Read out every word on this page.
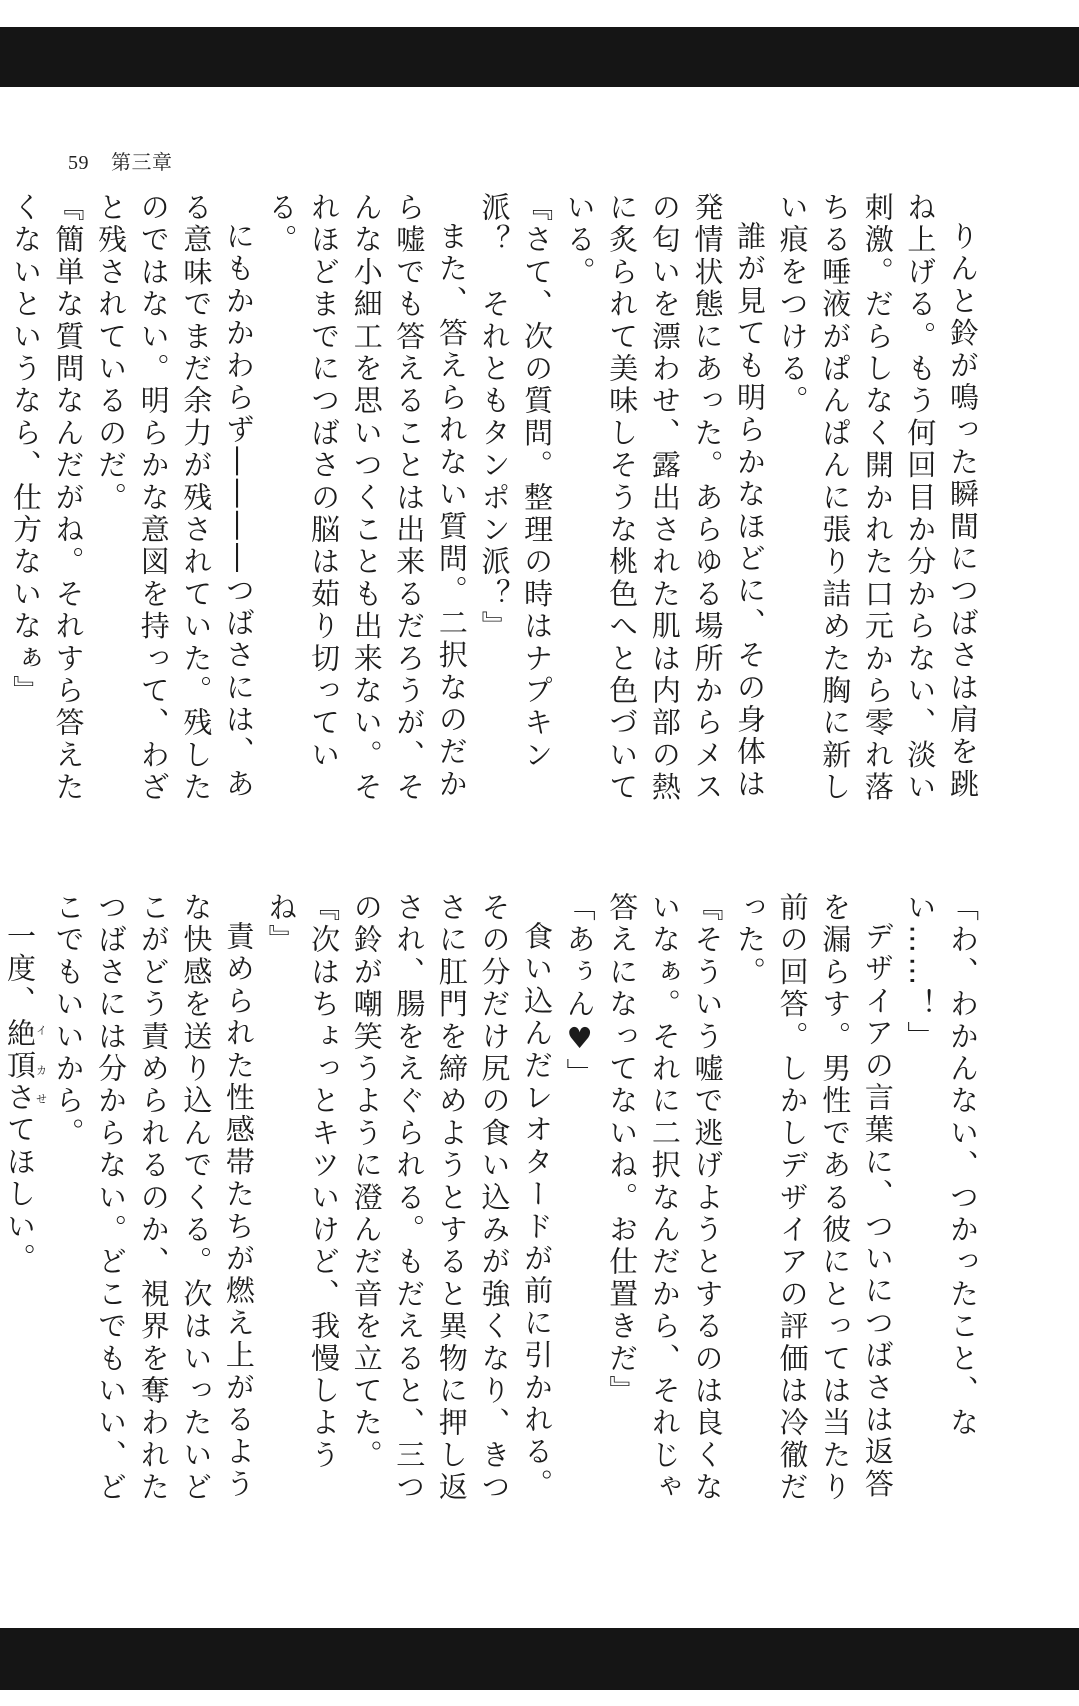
59 第三章

りんと鈴が鳴った瞬間につばさは肩を跳ね上げる。もう何回目か分からない、淡い刺激。だらしなく開かれた口元から零れ落ちる唾液がぱんぱんに張り詰めた胸に新しい痕をつける。

誰が見ても明らかなほどに、その身体は発情状態にあった。あらゆる場所からメスの匂いを漂わせ、露出された肌は内部の熱に炙られて美味しそうな桃色へと色づいている。

『さて、次の質問。整理の時はナプキン派？　それともタンポン派？』

また、答えられない質問。二択なのだから嘘でも答えることは出来るだろうが、そんな小細工を思いつくことも出来ない。それほどまでにつばさの脳は茹り切っている。

にもかかわらず――――つばさには、ある意味でまだ余力が残されていた。残したのではない。明らかな意図を持って、わざと残されているのだ。

『簡単な質問なんだがね。それすら答えたくないというなら、仕方ないなぁ』

「わ、わかんない、つかったこと、ない……！」

デザイアの言葉に、ついにつばさは返答を漏らす。男性である彼にとっては当たり前の回答。しかしデザイアの評価は冷徹だった。

『そういう嘘で逃げようとするのは良くないなぁ。それに二択なんだから、それじゃ答えになってないね。お仕置きだ』

「あぅん♥」

食い込んだレオタードが前に引かれる。その分だけ尻の食い込みが強くなり、きつさに肛門を締めようとすると異物に押し返され、腸をえぐられる。もだえると、三つの鈴が嘲笑うように澄んだ音を立てた。

『次はちょっとキツいけど、我慢しようね』

責められた性感帯たちが燃え上がるような快感を送り込んでくる。次はいったいどこがどう責められるのか、視界を奪われたつばさには分からない。どこでもいい、どこでもいいから。

一度、絶頂イ カさせてほしい。
